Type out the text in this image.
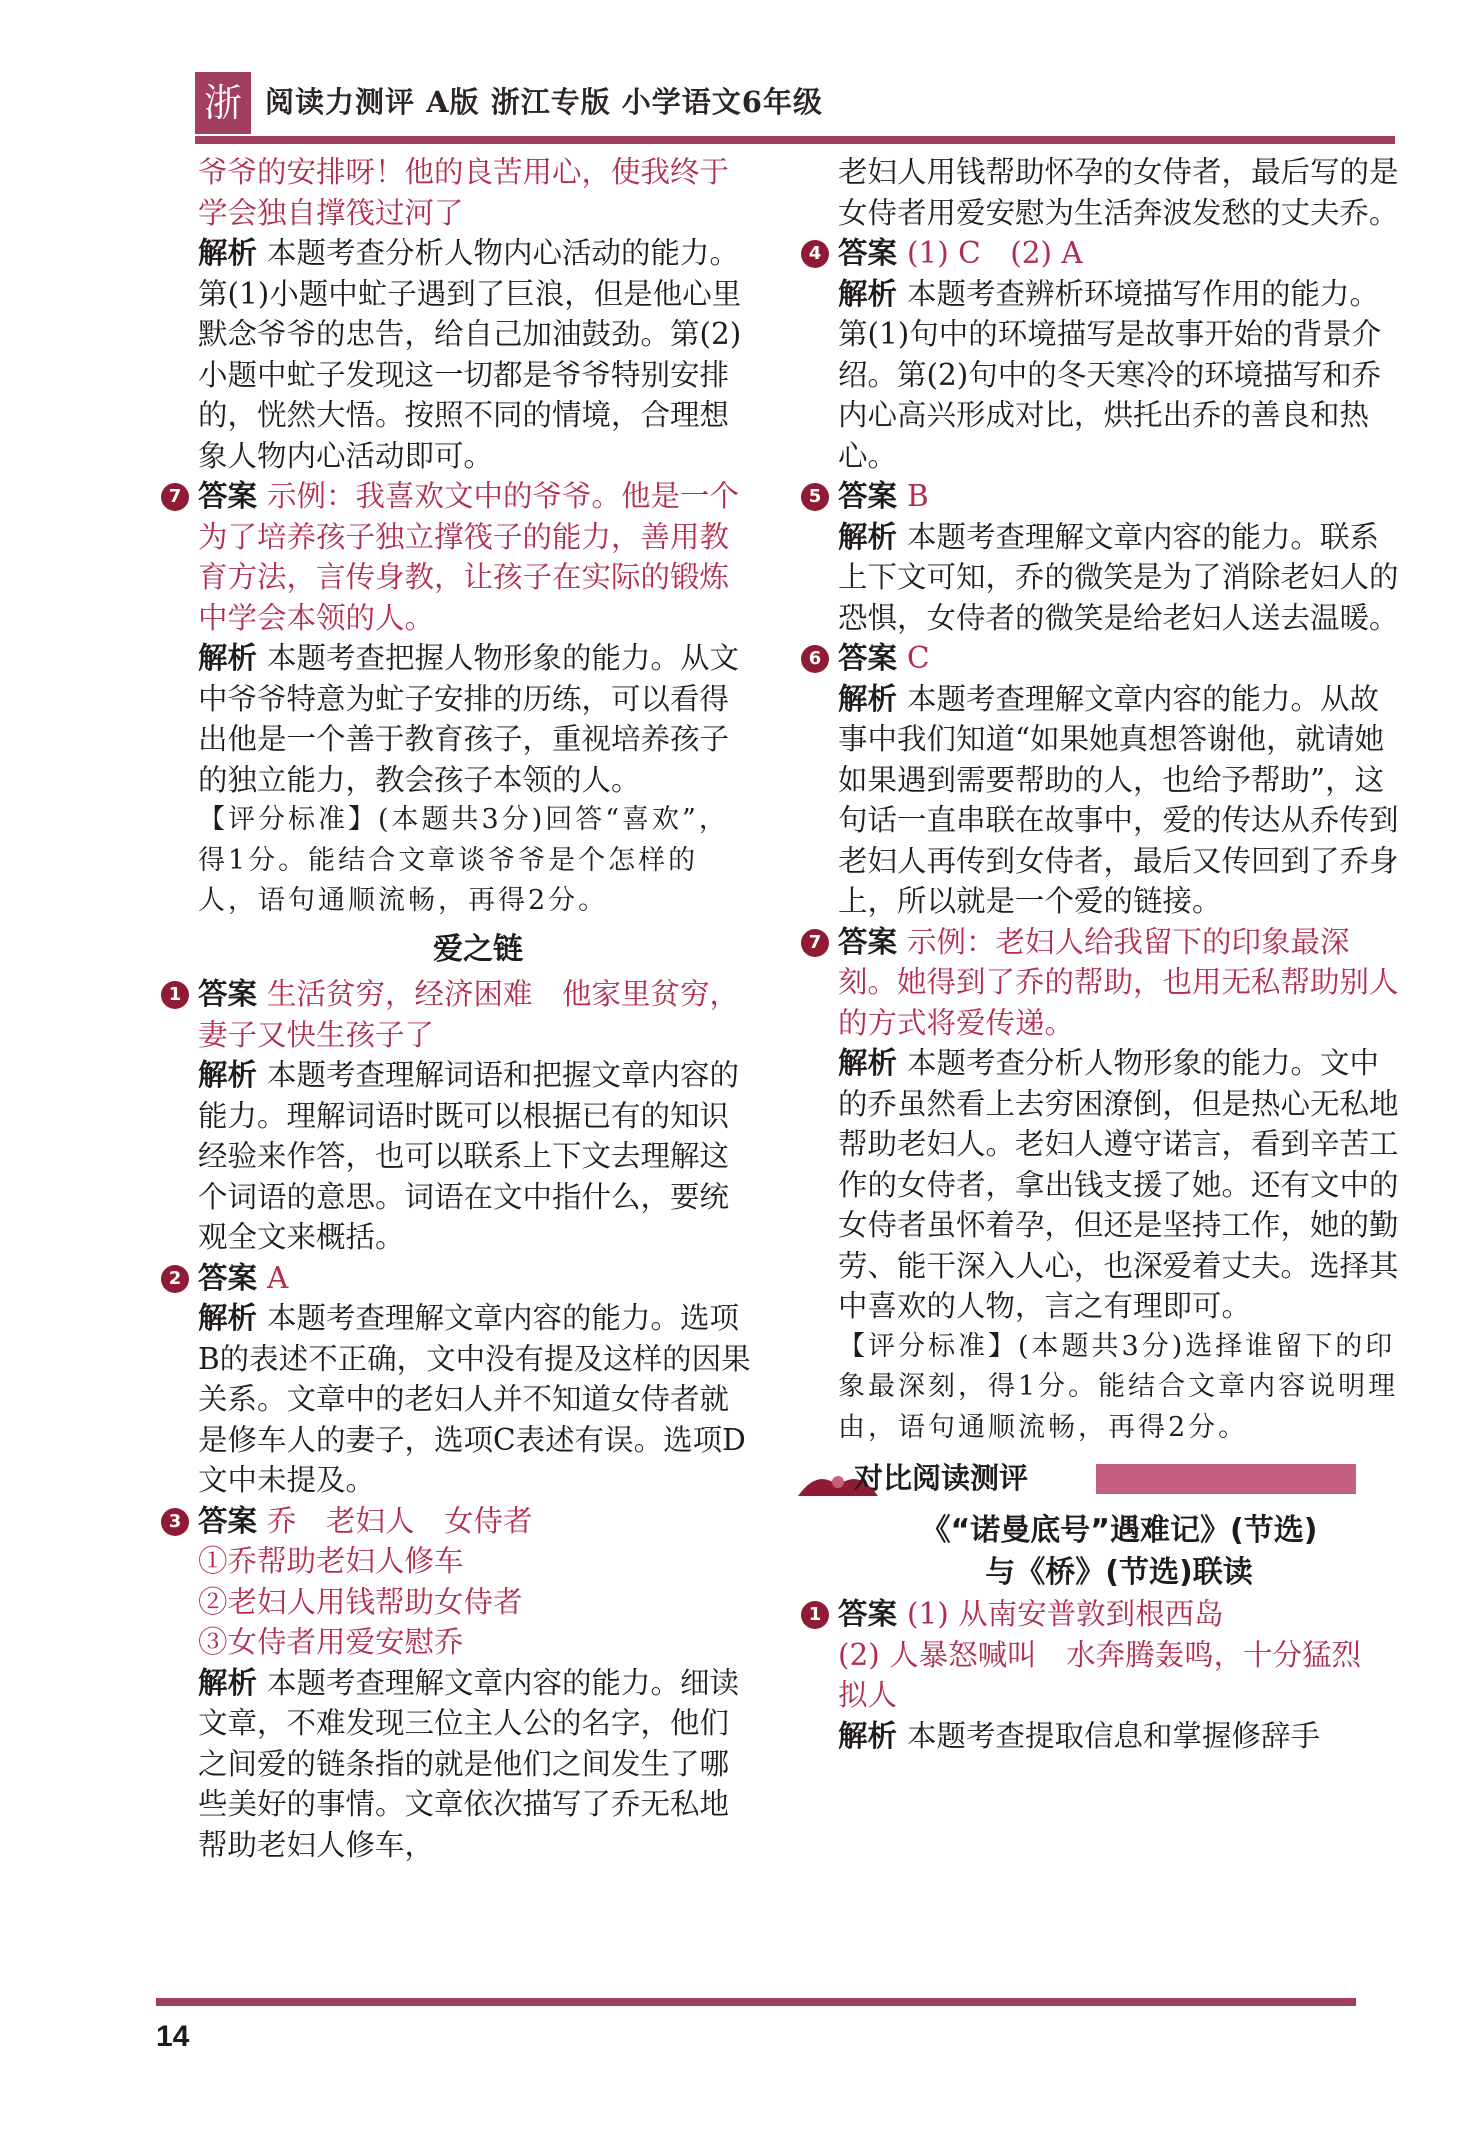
浙 阅读力测评 A版 浙江专版 小学语文6年级

爷爷的安排呀！他的良苦用心，使我终于学会独自撑筏过河了

解析 本题考查分析人物内心活动的能力。第(1)小题中虻子遇到了巨浪，但是他心里默念爷爷的忠告，给自己加油鼓劲。第(2)小题中虻子发现这一切都是爷爷特别安排的，恍然大悟。按照不同的情境，合理想象人物内心活动即可。

7 答案 示例：我喜欢文中的爷爷。他是一个为了培养孩子独立撑筏子的能力，善用教育方法，言传身教，让孩子在实际的锻炼中学会本领的人。

解析 本题考查把握人物形象的能力。从文中爷爷特意为虻子安排的历练，可以看得出他是一个善于教育孩子，重视培养孩子的独立能力，教会孩子本领的人。

【评分标准】(本题共3分)回答“喜欢”，得1分。能结合文章谈爷爷是个怎样的人，语句通顺流畅，再得2分。

爱之链
1 答案 生活贫穷，经济困难　他家里贫穷，妻子又快生孩子了

解析 本题考查理解词语和把握文章内容的能力。理解词语时既可以根据已有的知识经验来作答，也可以联系上下文去理解这个词语的意思。词语在文中指什么，要统观全文来概括。

2 答案 A

解析 本题考查理解文章内容的能力。选项B的表述不正确，文中没有提及这样的因果关系。文章中的老妇人并不知道女侍者就是修车人的妻子，选项C表述有误。选项D文中未提及。

3 答案 乔　老妇人　女侍者

①乔帮助老妇人修车

②老妇人用钱帮助女侍者

③女侍者用爱安慰乔

解析 本题考查理解文章内容的能力。细读文章，不难发现三位主人公的名字，他们之间爱的链条指的就是他们之间发生了哪些美好的事情。文章依次描写了乔无私地帮助老妇人修车，

老妇人用钱帮助怀孕的女侍者，最后写的是女侍者用爱安慰为生活奔波发愁的丈夫乔。

4 答案 (1) C　(2) A

解析 本题考查辨析环境描写作用的能力。第(1)句中的环境描写是故事开始的背景介绍。第(2)句中的冬天寒冷的环境描写和乔内心高兴形成对比，烘托出乔的善良和热心。

5 答案 B

解析 本题考查理解文章内容的能力。联系上下文可知，乔的微笑是为了消除老妇人的恐惧，女侍者的微笑是给老妇人送去温暖。

6 答案 C

解析 本题考查理解文章内容的能力。从故事中我们知道“如果她真想答谢他，就请她如果遇到需要帮助的人，也给予帮助”，这句话一直串联在故事中，爱的传达从乔传到老妇人再传到女侍者，最后又传回到了乔身上，所以就是一个爱的链接。

7 答案 示例：老妇人给我留下的印象最深刻。她得到了乔的帮助，也用无私帮助别人的方式将爱传递。

解析 本题考查分析人物形象的能力。文中的乔虽然看上去穷困潦倒，但是热心无私地帮助老妇人。老妇人遵守诺言，看到辛苦工作的女侍者，拿出钱支援了她。还有文中的女侍者虽怀着孕，但还是坚持工作，她的勤劳、能干深入人心，也深爱着丈夫。选择其中喜欢的人物，言之有理即可。

【评分标准】(本题共3分)选择谁留下的印象最深刻，得1分。能结合文章内容说明理由，语句通顺流畅，再得2分。

对比阅读测评
《“诺曼底号”遇难记》(节选)
与《桥》(节选)联读
1 答案 (1) 从南安普敦到根西岛

(2) 人暴怒喊叫　水奔腾轰鸣，十分猛烈　拟人

解析 本题考查提取信息和掌握修辞手

14
